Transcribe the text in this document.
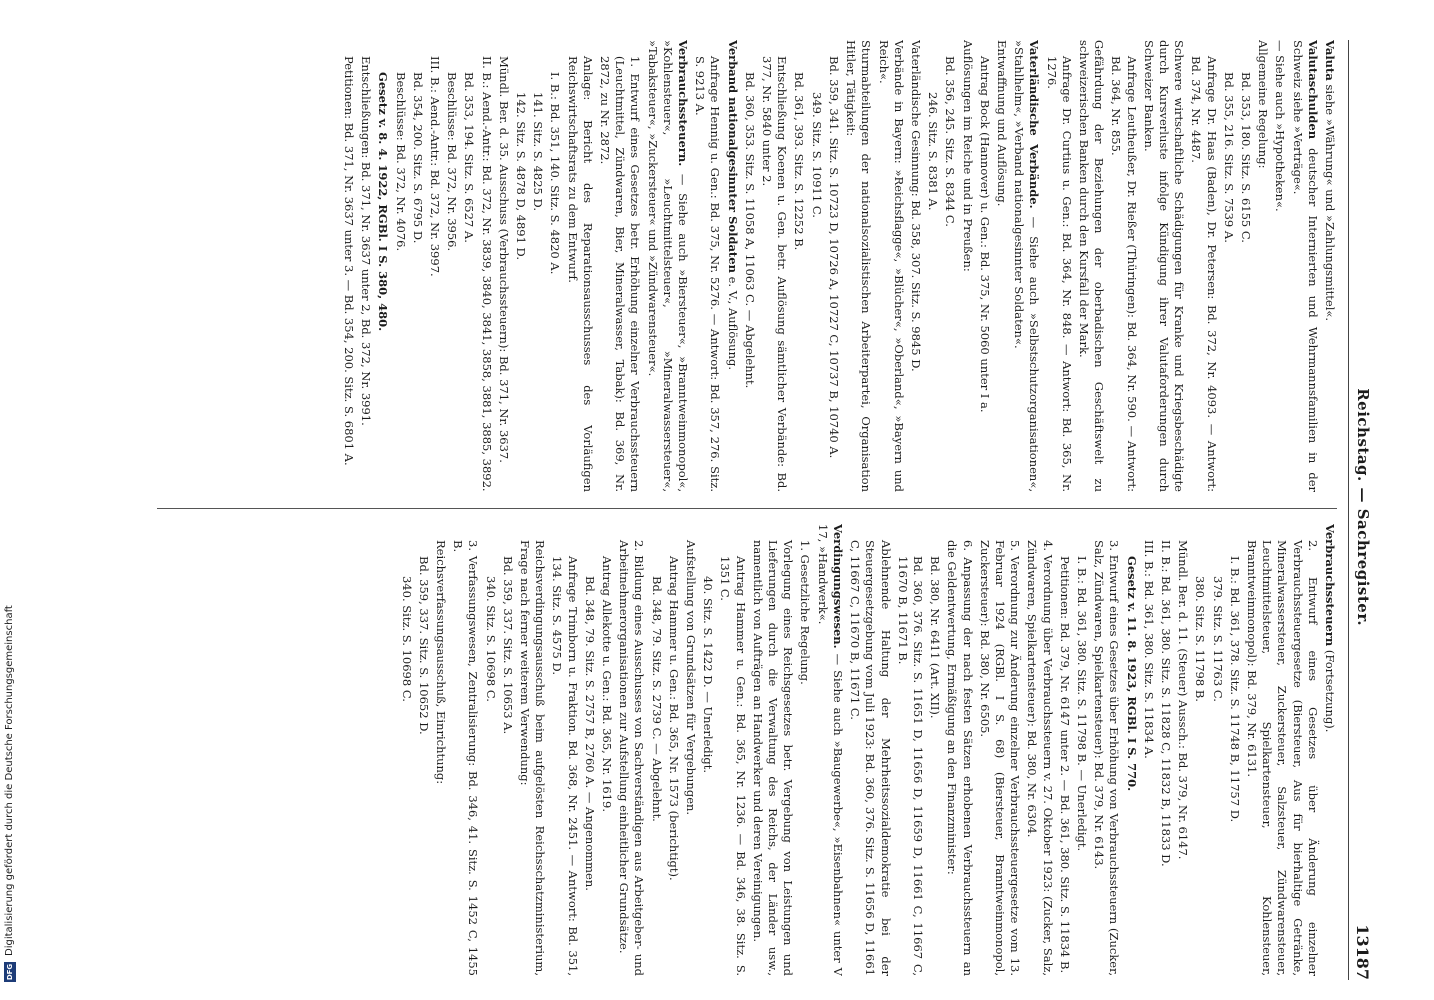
Reichstag. — Sachregister.
13187
Valuta siehe »Währung« und »Zahlungsmittel«.
Valutaschulden deutscher Internierten und Wehrmannsfamilien in der Schweiz siehe »Verträge«.
— Siehe auch »Hypotheken«.
Allgemeine Regelung:
Bd. 353, 180. Sitz. S. 6155 C.
Bd. 355, 216. Sitz. S. 7539 A.
Anfrage Dr. Haas (Baden), Dr. Petersen: Bd. 372, Nr. 4093. — Antwort: Bd. 374, Nr. 4487.
Schwere wirtschaftliche Schädigungen für Kranke und Kriegsbeschädigte durch Kursverluste infolge Kündigung ihrer Valutaforderungen durch Schweizer Banken.
Anfrage Leutheußer, Dr. Rießer (Thüringen): Bd. 364, Nr. 590. — Antwort: Bd. 364, Nr. 855.
Gefährdung der Beziehungen der oberbadischen Geschäftswelt zu schweizerischen Banken durch den Kursfall der Mark.
Anfrage Dr. Curtius u. Gen.: Bd. 364, Nr. 848. — Antwort: Bd. 365, Nr. 1276.
Vaterländische Verbände. — Siehe auch »Selbstschutzorganisationen«, »Stahlhelm«, »Verband nationalgesinnter Soldaten«.
Entwaffnung und Auflösung.
Antrag Bock (Hannover) u. Gen.: Bd. 375, Nr. 5060 unter I a.
Auflösungen im Reiche und in Preußen:
Bd. 356, 245. Sitz. S. 8344 C.
246. Sitz. S. 8381 A.
Vaterländische Gesinnung: Bd. 358, 307. Sitz. S. 9845 D.
Verbände in Bayern: »Reichsflagge«, »Blücher«, »Oberland«, »Bayern und Reich«.
Sturmabteilungen der nationalsozialistischen Arbeiterpartei, Organisation Hitler, Tätigkeit:
Bd. 359, 341. Sitz. S. 10723 D, 10726 A, 10727 C, 10737 B, 10740 A.
349. Sitz. S. 10911 C.
Bd. 361, 393. Sitz. S. 12252 B.
Entschließung Koenen u. Gen. betr. Auflösung sämtlicher Verbände: Bd. 377, Nr. 5840 unter 2.
Bd. 360, 353. Sitz. S. 11058 A, 11063 C. — Abgelehnt.
Verband nationalgesinnter Soldaten e. V., Auflösung.
Anfrage Hennig u. Gen.: Bd. 375, Nr. 5276. — Antwort: Bd. 357, 276. Sitz. S. 9213 A.
Verbrauchssteuern. — Siehe auch »Biersteuer«, »Branntweinmonopol«, »Kohlensteuer«, »Leuchtmittelsteuer«, »Mineralwassersteuer«, »Tabaksteuer«, »Zuckersteuer« und »Zündwarensteuer«.
1. Entwurf eines Gesetzes betr. Erhöhung einzelner Verbrauchssteuern (Leuchtmittel, Zündwaren, Bier, Mineralwasser, Tabak): Bd. 369, Nr. 2872, zu Nr. 2872.
Anlage: Bericht des Reparationsausschusses des Vorläufigen Reichswirtschaftsrats zu dem Entwurf.
I. B.: Bd. 351, 140. Sitz. S. 4820 A.
141. Sitz. S. 4825 D.
142. Sitz. S. 4878 D, 4891 D.
Mündl. Ber. d. 35. Ausschuss (Verbrauchssteuern): Bd. 371, Nr. 3637.
II. B.: Aend.-Antr.: Bd. 372, Nr. 3839, 3840, 3841, 3858, 3881, 3885, 3892.
Bd. 353, 194. Sitz. S. 6527 A.
Beschlüsse: Bd. 372, Nr. 3956.
III. B.: Aend.-Antr.: Bd. 372, Nr. 3997.
Bd. 354, 200. Sitz. S. 6795 D.
Beschlüsse: Bd. 372, Nr. 4076.
Gesetz v. 8. 4. 1922, RGBl. I S. 380, 480.
Entschließungen: Bd. 371, Nr. 3637 unter 2, Bd. 372, Nr. 3991.
Petitionen: Bd. 371, Nr. 3637 unter 3. — Bd. 354, 200. Sitz. S. 6801 A.
Verbrauchssteuern (Fortsetzung).
2. Entwurf eines Gesetzes über Änderung einzelner Verbrauchssteuergesetze (Biersteuer, Aus für bierhaltige Getränke, Mineralwassersteuer, Zuckersteuer, Salzsteuer, Zündwarensteuer, Leuchtmittelsteuer, Spielkartensteuer, Kohlensteuer, Branntweinmonopol): Bd. 379, Nr. 6131.
I. B.: Bd. 361, 378. Sitz. S. 11748 B, 11757 D.
379. Sitz. S. 11763 C.
380. Sitz. S. 11798 B.
Mündl. Ber. d. 11. (Steuer) Aussch.: Bd. 379, Nr. 6147.
II. B.: Bd. 361, 380. Sitz. S. 11828 C, 11832 B, 11833 D.
III. B.: Bd. 361, 380. Sitz. S. 11834 A.
Gesetz v. 11. 8. 1923, RGBl. I S. 770.
3. Entwurf eines Gesetzes über Erhöhung von Verbrauchssteuern (Zucker, Salz, Zündwaren, Spielkartensteuer): Bd. 379, Nr. 6143.
I. B.: Bd. 361, 380. Sitz. S. 11798 B. — Unerledigt.
Petitionen: Bd. 379, Nr. 6147 unter 2. — Bd. 361, 380. Sitz. S. 11834 B.
4. Verordnung über Verbrauchssteuern v. 27. Oktober 1923: (Zucker, Salz, Zündwaren, Spielkartensteuer): Bd. 380, Nr. 6304.
5. Verordnung zur Änderung einzelner Verbrauchssteuergesetze vom 13. Februar 1924 (RGBl. I S. 68) (Biersteuer, Branntweinmonopol, Zuckersteuer): Bd. 380, Nr. 6505.
6. Anpassung der nach festen Sätzen erhobenen Verbrauchssteuern an die Geldentwertung, Ermäßigung an den Finanzminister:
Bd. 380, Nr. 6411 (Art. XII).
Bd. 360, 376. Sitz. S. 11651 D, 11656 D, 11659 D, 11661 C, 11667 C, 11670 B, 11671 B.
Ablehnende Haltung der Mehrheitssozialdemokratie bei der Steuergesetzgebung vom Juli 1923: Bd. 360, 376. Sitz. S. 11656 D, 11661 C, 11667 C, 11670 B, 11671 C.
Verdingungswesen. — Siehe auch »Baugewerbe«, »Eisenbahnen« unter V 17, »Handwerk«.
1. Gesetzliche Regelung.
Vorlegung eines Reichsgesetzes betr. Vergebung von Leistungen und Lieferungen durch die Verwaltung des Reichs, der Länder usw., namentlich von Aufträgen an Handwerker und deren Vereinigungen.
Antrag Hammer u. Gen.: Bd. 365, Nr. 1236. — Bd. 346, 38. Sitz. S. 1351 C.
40. Sitz. S. 1422 D. — Unerledigt.
Aufstellung von Grundsätzen für Vergebungen.
Antrag Hammer u. Gen.: Bd. 365, Nr. 1573 (berichtigt).
Bd. 348, 79. Sitz. S. 2739 C. — Abgelehnt.
2. Bildung eines Ausschusses von Sachverständigen aus Arbeitgeber- und Arbeitnehmerorganisationen zur Aufstellung einheitlicher Grundsätze.
Antrag Allekotte u. Gen.: Bd. 365, Nr. 1619.
Bd. 348, 79. Sitz. S. 2757 B, 2760 A. — Angenommen.
Anfrage Trimborn u. Fraktion. Bd. 368, Nr. 2451. — Antwort: Bd. 351, 134. Sitz. S. 4575 D.
Reichsverdingungsausschuß beim aufgelösten Reichsschatzministerium, Frage nach ferner weiterem Verwendung:
Bd. 359, 337. Sitz. S. 10653 A.
340. Sitz. S. 10698 C.
3. Verfassungswesen, Zentralisierung: Bd. 346, 41. Sitz. S. 1452 C, 1455 B.
Reichsverfassungsausschuß, Einrichtung:
Bd. 359, 337. Sitz. S. 10652 D.
340. Sitz. S. 10698 C.
DFG
Digitalisierung gefördert durch die Deutsche Forschungsgemeinschaft
